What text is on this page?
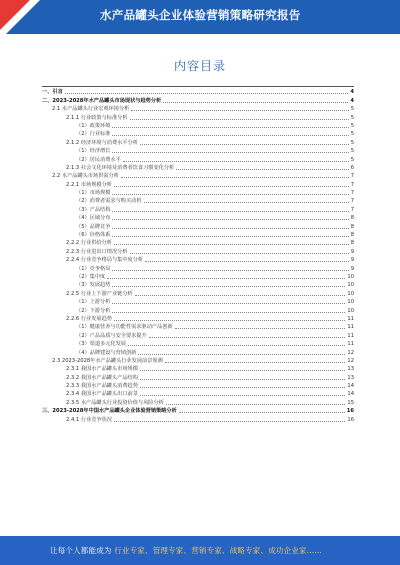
水产品罐头企业体验营销策略研究报告
内容目录
一、引言	4
二、2023-2028年水产品罐头市场现状与趋势分析	4
2.1 水产品罐头行业宏观环境分析	5
2.1.1 行业政策与标准分析	5
（1）政策环境	5
（2）行业标准	5
2.1.2 经济环境与消费水平分析	5
（1）经济增长	5
（2）居民消费水平	5
2.1.3 社会文化环境及消费者饮食习惯变化分析	6
2.2 水产品罐头市场供需分析	7
2.2.1 市场规模分析	7
（1）市场规模	7
（2）消费者需求与购买动机	7
（3）产品结构	7
（4）区域分布	8
（5）品牌竞争	8
（6）价格体系	8
2.2.2 行业供给分析	8
2.2.3 行业进出口情况分析	9
2.2.4 行业竞争格局与集中度分析	9
（1）竞争格局	9
（2）集中度	10
（3）发展趋势	10
2.2.5 行业上下游产业链分析	10
（1）上游分析	10
（2）下游分析	10
2.2.6 行业发展趋势	11
（1）健康营养与功能性需求驱动产品创新	11
（2）产品品质与安全要求提升	11
（3）渠道多元化发展	11
（4）品牌建设与营销创新	12
2.3 2023-2028年水产品罐头行业发展前景预测	12
2.3.1 我国水产品罐头市场规模	13
2.3.2 我国水产品罐头产品结构	13
2.3.3 我国水产品罐头消费趋势	14
2.3.4 我国水产品罐头出口前景	14
2.3.5 水产品罐头行业投资价值与风险分析	15
三、2023-2028年中国水产品罐头企业体验营销策略分析	16
2.4.1 行业竞争状况	16
让每个人都能成为 行业专家、管理专家、营销专家、战略专家、成功企业家……
